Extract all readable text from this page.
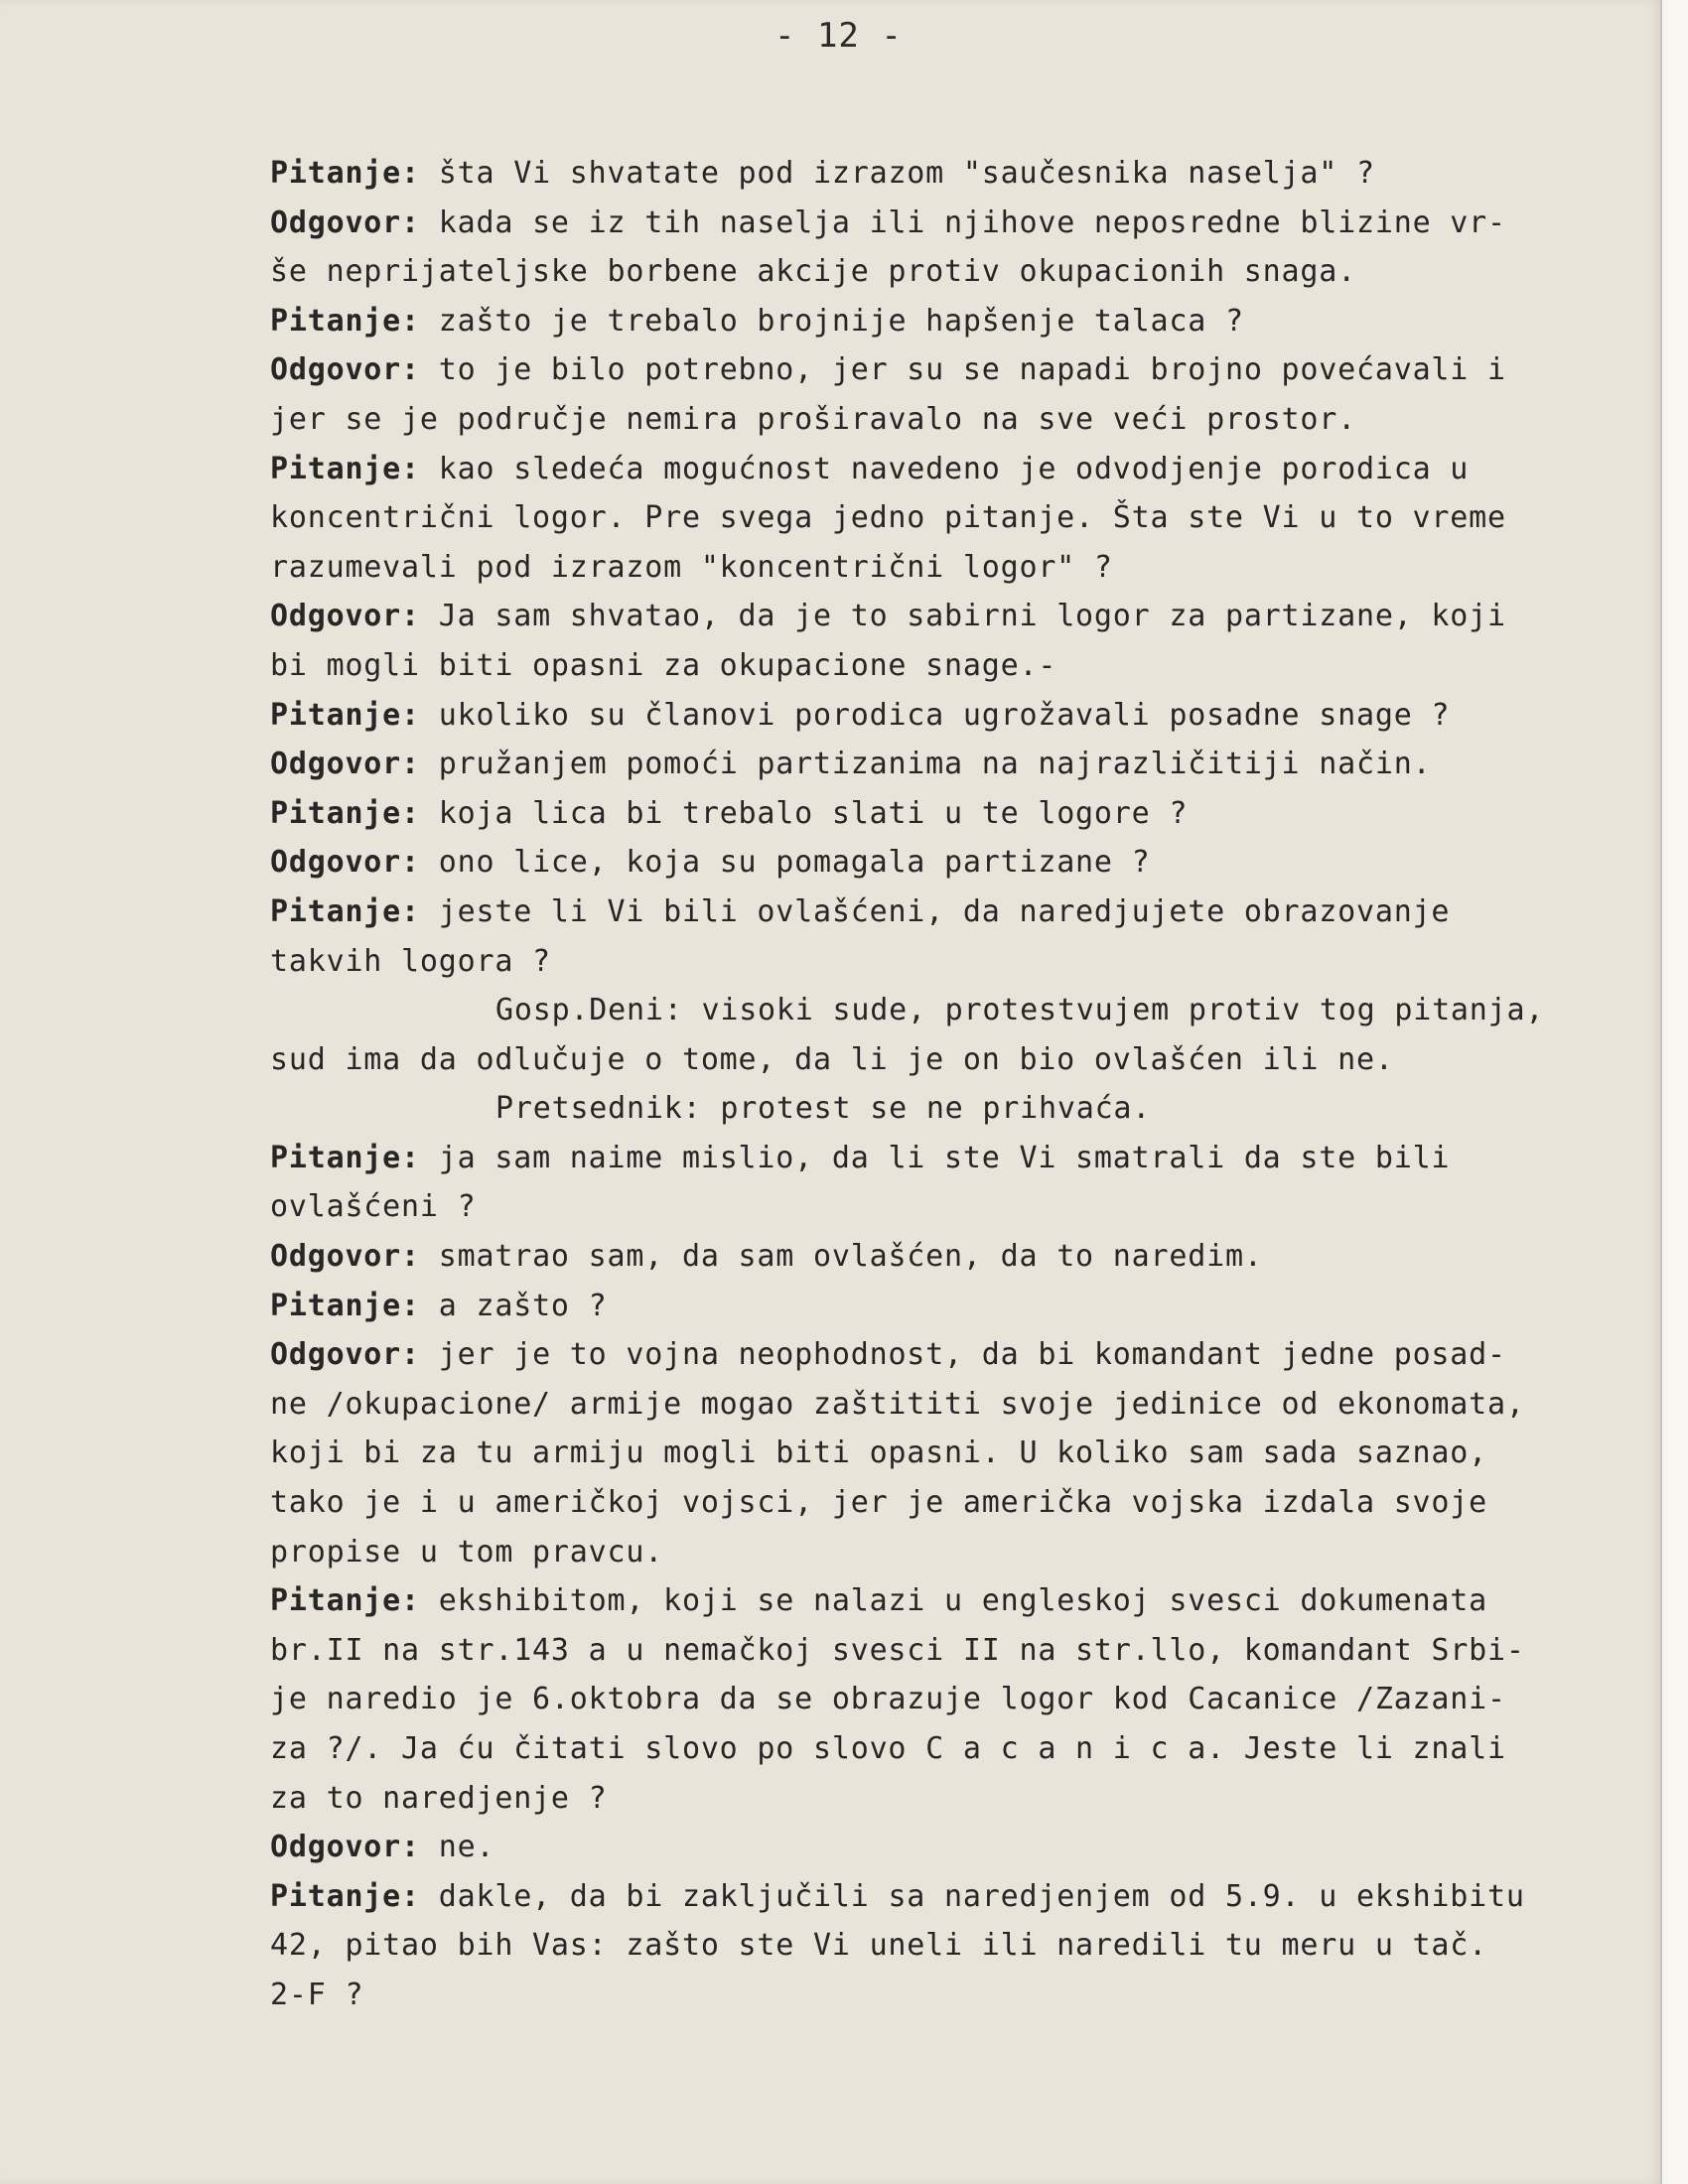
- 12 -
Pitanje: šta Vi shvatate pod izrazom "saučesnika naselja" ?
Odgovor: kada se iz tih naselja ili njihove neposredne blizine vr-
še neprijateljske borbene akcije protiv okupacionih snaga.
Pitanje: zašto je trebalo brojnije hapšenje talaca ?
Odgovor: to je bilo potrebno, jer su se napadi brojno povećavali i
jer se je područje nemira proširavalo na sve veći prostor.
Pitanje: kao sledeća mogućnost navedeno je odvodjenje porodica u
koncentrični logor. Pre svega jedno pitanje. Šta ste Vi u to vreme
razumevali pod izrazom "koncentrični logor" ?
Odgovor: Ja sam shvatao, da je to sabirni logor za partizane, koji
bi mogli biti opasni za okupacione snage.-
Pitanje: ukoliko su članovi porodica ugrožavali posadne snage ?
Odgovor: pružanjem pomoći partizanima na najrazličitiji način.
Pitanje: koja lica bi trebalo slati u te logore ?
Odgovor: ono lice, koja su pomagala partizane ?
Pitanje: jeste li Vi bili ovlašćeni, da naredjujete obrazovanje
takvih logora ?
Gosp.Deni: visoki sude, protestvujem protiv tog pitanja,
sud ima da odlučuje o tome, da li je on bio ovlašćen ili ne.
Pretsednik: protest se ne prihvaća.
Pitanje: ja sam naime mislio, da li ste Vi smatrali da ste bili
ovlašćeni ?
Odgovor: smatrao sam, da sam ovlašćen, da to naredim.
Pitanje: a zašto ?
Odgovor: jer je to vojna neophodnost, da bi komandant jedne posad-
ne /okupacione/ armije mogao zaštititi svoje jedinice od ekonomata,
koji bi za tu armiju mogli biti opasni. U koliko sam sada saznao,
tako je i u američkoj vojsci, jer je američka vojska izdala svoje
propise u tom pravcu.
Pitanje: ekshibitom, koji se nalazi u engleskoj svesci dokumenata
br.II na str.143 a u nemačkoj svesci II na str.llo, komandant Srbi-
je naredio je 6.oktobra da se obrazuje logor kod Cacanice /Zazani-
za ?/. Ja ću čitati slovo po slovo C a c a n i c a. Jeste li znali
za to naredjenje ?
Odgovor: ne.
Pitanje: dakle, da bi zaključili sa naredjenjem od 5.9. u ekshibitu
42, pitao bih Vas: zašto ste Vi uneli ili naredili tu meru u tač.
2-F ?
